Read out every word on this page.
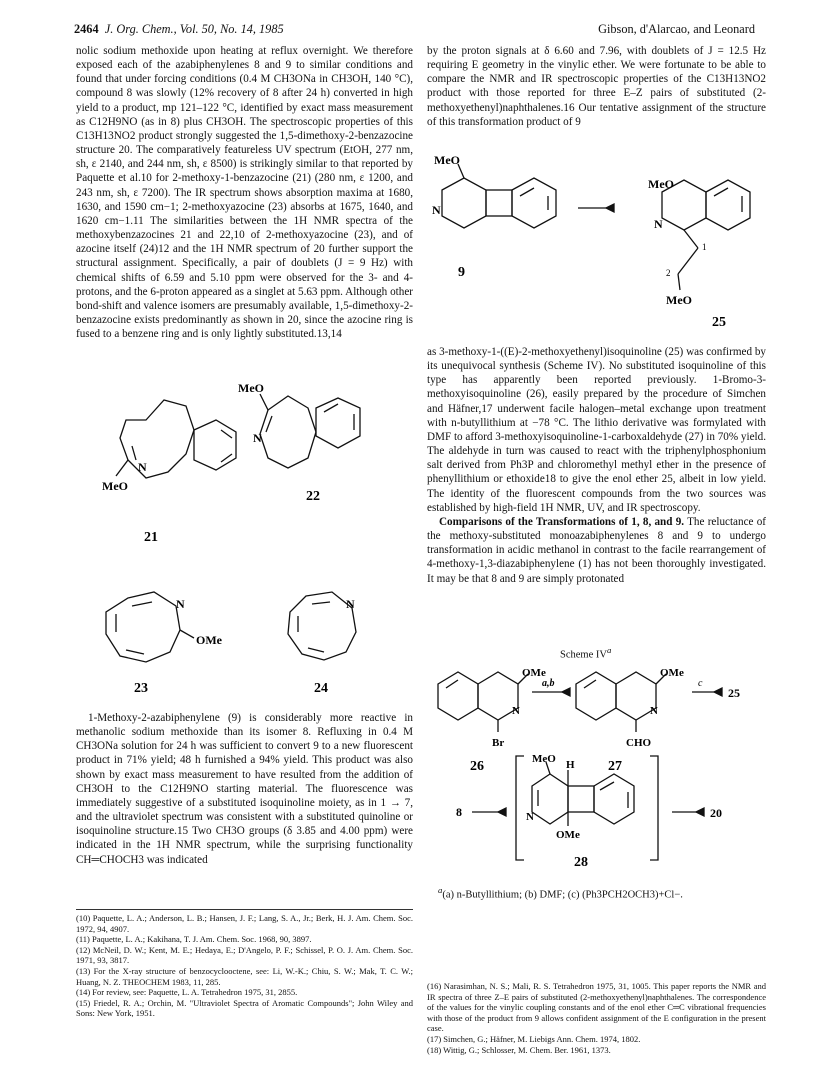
2464 J. Org. Chem., Vol. 50, No. 14, 1985	Gibson, d'Alarcao, and Leonard

nolic sodium methoxide upon heating at reflux overnight. We therefore exposed each of the azabiphenylenes 8 and 9 to similar conditions and found that under forcing conditions (0.4 M CH3ONa in CH3OH, 140 °C), compound 8 was slowly (12% recovery of 8 after 24 h) converted in high yield to a product, mp 121–122 °C, identified by exact mass measurement as C12H9NO (as in 8) plus CH3OH. The spectroscopic properties of this C13H13NO2 product strongly suggested the 1,5-dimethoxy-2-benzazocine structure 20. The comparatively featureless UV spectrum (EtOH, 277 nm, sh, ε 2140, and 244 nm, sh, ε 8500) is strikingly similar to that reported by Paquette et al.10 for 2-methoxy-1-benzazocine (21) (280 nm, ε 1200, and 243 nm, sh, ε 7200). The IR spectrum shows absorption maxima at 1680, 1630, and 1590 cm−1; 2-methoxyazocine (23) absorbs at 1675, 1640, and 1620 cm−1.11 The similarities between the 1H NMR spectra of the methoxybenzazocines 21 and 22,10 of 2-methoxyazocine (23), and of azocine itself (24)12 and the 1H NMR spectrum of 20 further support the structural assignment. Specifically, a pair of doublets (J = 9 Hz) with chemical shifts of 6.59 and 5.10 ppm were observed for the 3- and 4-protons, and the 6-proton appeared as a singlet at 5.63 ppm. Although other bond-shift and valence isomers are presumably available, 1,5-dimethoxy-2-benzazocine exists predominantly as shown in 20, since the azocine ring is fused to a benzene ring and is only lightly substituted.13,14

MeO
N
21
MeO
N
22
N
OMe
N
23	24

1-Methoxy-2-azabiphenylene (9) is considerably more reactive in methanolic sodium methoxide than its isomer 8. Refluxing in 0.4 M CH3ONa solution for 24 h was sufficient to convert 9 to a new fluorescent product in 71% yield; 48 h furnished a 94% yield. This product was also shown by exact mass measurement to have resulted from the addition of CH3OH to the C12H9NO starting material. The fluorescence was immediately suggestive of a substituted isoquinoline moiety, as in 1 → 7, and the ultraviolet spectrum was consistent with a substituted quinoline or isoquinoline structure.15 Two CH3O groups (δ 3.85 and 4.00 ppm) were indicated in the 1H NMR spectrum, while the surprising functionality CH═CHOCH3 was indicated

by the proton signals at δ 6.60 and 7.96, with doublets of J = 12.5 Hz requiring E geometry in the vinylic ether. We were fortunate to be able to compare the NMR and IR spectroscopic properties of the C13H13NO2 product with those reported for three E–Z pairs of substituted (2-methoxyethenyl)naphthalenes.16 Our tentative assignment of the structure of this transformation product of 9

MeO
N
9
MeO
N
1
2
MeO
25

as 3-methoxy-1-((E)-2-methoxyethenyl)isoquinoline (25) was confirmed by its unequivocal synthesis (Scheme IV). No substituted isoquinoline of this type has apparently been reported previously. 1-Bromo-3-methoxyisoquinoline (26), easily prepared by the procedure of Simchen and Häfner,17 underwent facile halogen–metal exchange upon treatment with n-butyllithium at −78 °C. The lithio derivative was formylated with DMF to afford 3-methoxyisoquinoline-1-carboxaldehyde (27) in 70% yield. The aldehyde in turn was caused to react with the triphenylphosphonium salt derived from Ph3P and chloromethyl methyl ether in the presence of phenyllithium or ethoxide18 to give the enol ether 25, albeit in low yield. The identity of the fluorescent compounds from the two sources was established by high-field 1H NMR, UV, and IR spectroscopy.

Comparisons of the Transformations of 1, 8, and 9. The reluctance of the methoxy-substituted monoazabiphenylenes 8 and 9 to undergo transformation in acidic methanol in contrast to the facile rearrangement of 4-methoxy-1,3-diazabiphenylene (1) has not been thoroughly investigated. It may be that 8 and 9 are simply protonated

Scheme $IV^a$
OMe
N
Br
26
a,b
OMe
N
CHO
27
c
25
8
MeO H
N
OMe
28
20
$^a$(a) n-Butyllithium; (b) DMF; (c) (Ph3PCH2OCH3)+Cl−.

(10) Paquette, L. A.; Anderson, L. B.; Hansen, J. F.; Lang, S. A., Jr.; Berk, H. J. Am. Chem. Soc. 1972, 94, 4907.

(11) Paquette, L. A.; Kakihana, T. J. Am. Chem. Soc. 1968, 90, 3897.

(12) McNeil, D. W.; Kent, M. E.; Hedaya, E.; D'Angelo, P. F.; Schissel, P. O. J. Am. Chem. Soc. 1971, 93, 3817.

(13) For the X-ray structure of benzocyclooctene, see: Li, W.-K.; Chiu, S. W.; Mak, T. C. W.; Huang, N. Z. THEOCHEM 1983, 11, 285.

(14) For review, see: Paquette, L. A. Tetrahedron 1975, 31, 2855.

(15) Friedel, R. A.; Orchin, M. "Ultraviolet Spectra of Aromatic Compounds"; John Wiley and Sons: New York, 1951.

(16) Narasimhan, N. S.; Mali, R. S. Tetrahedron 1975, 31, 1005. This paper reports the NMR and IR spectra of three Z–E pairs of substituted (2-methoxyethenyl)naphthalenes. The correspondence of the values for the vinylic coupling constants and of the enol ether C═C vibrational frequencies with those of the product from 9 allows confident assignment of the E configuration in the present case.

(17) Simchen, G.; Häfner, M. Liebigs Ann. Chem. 1974, 1802.

(18) Wittig, G.; Schlosser, M. Chem. Ber. 1961, 1373.
